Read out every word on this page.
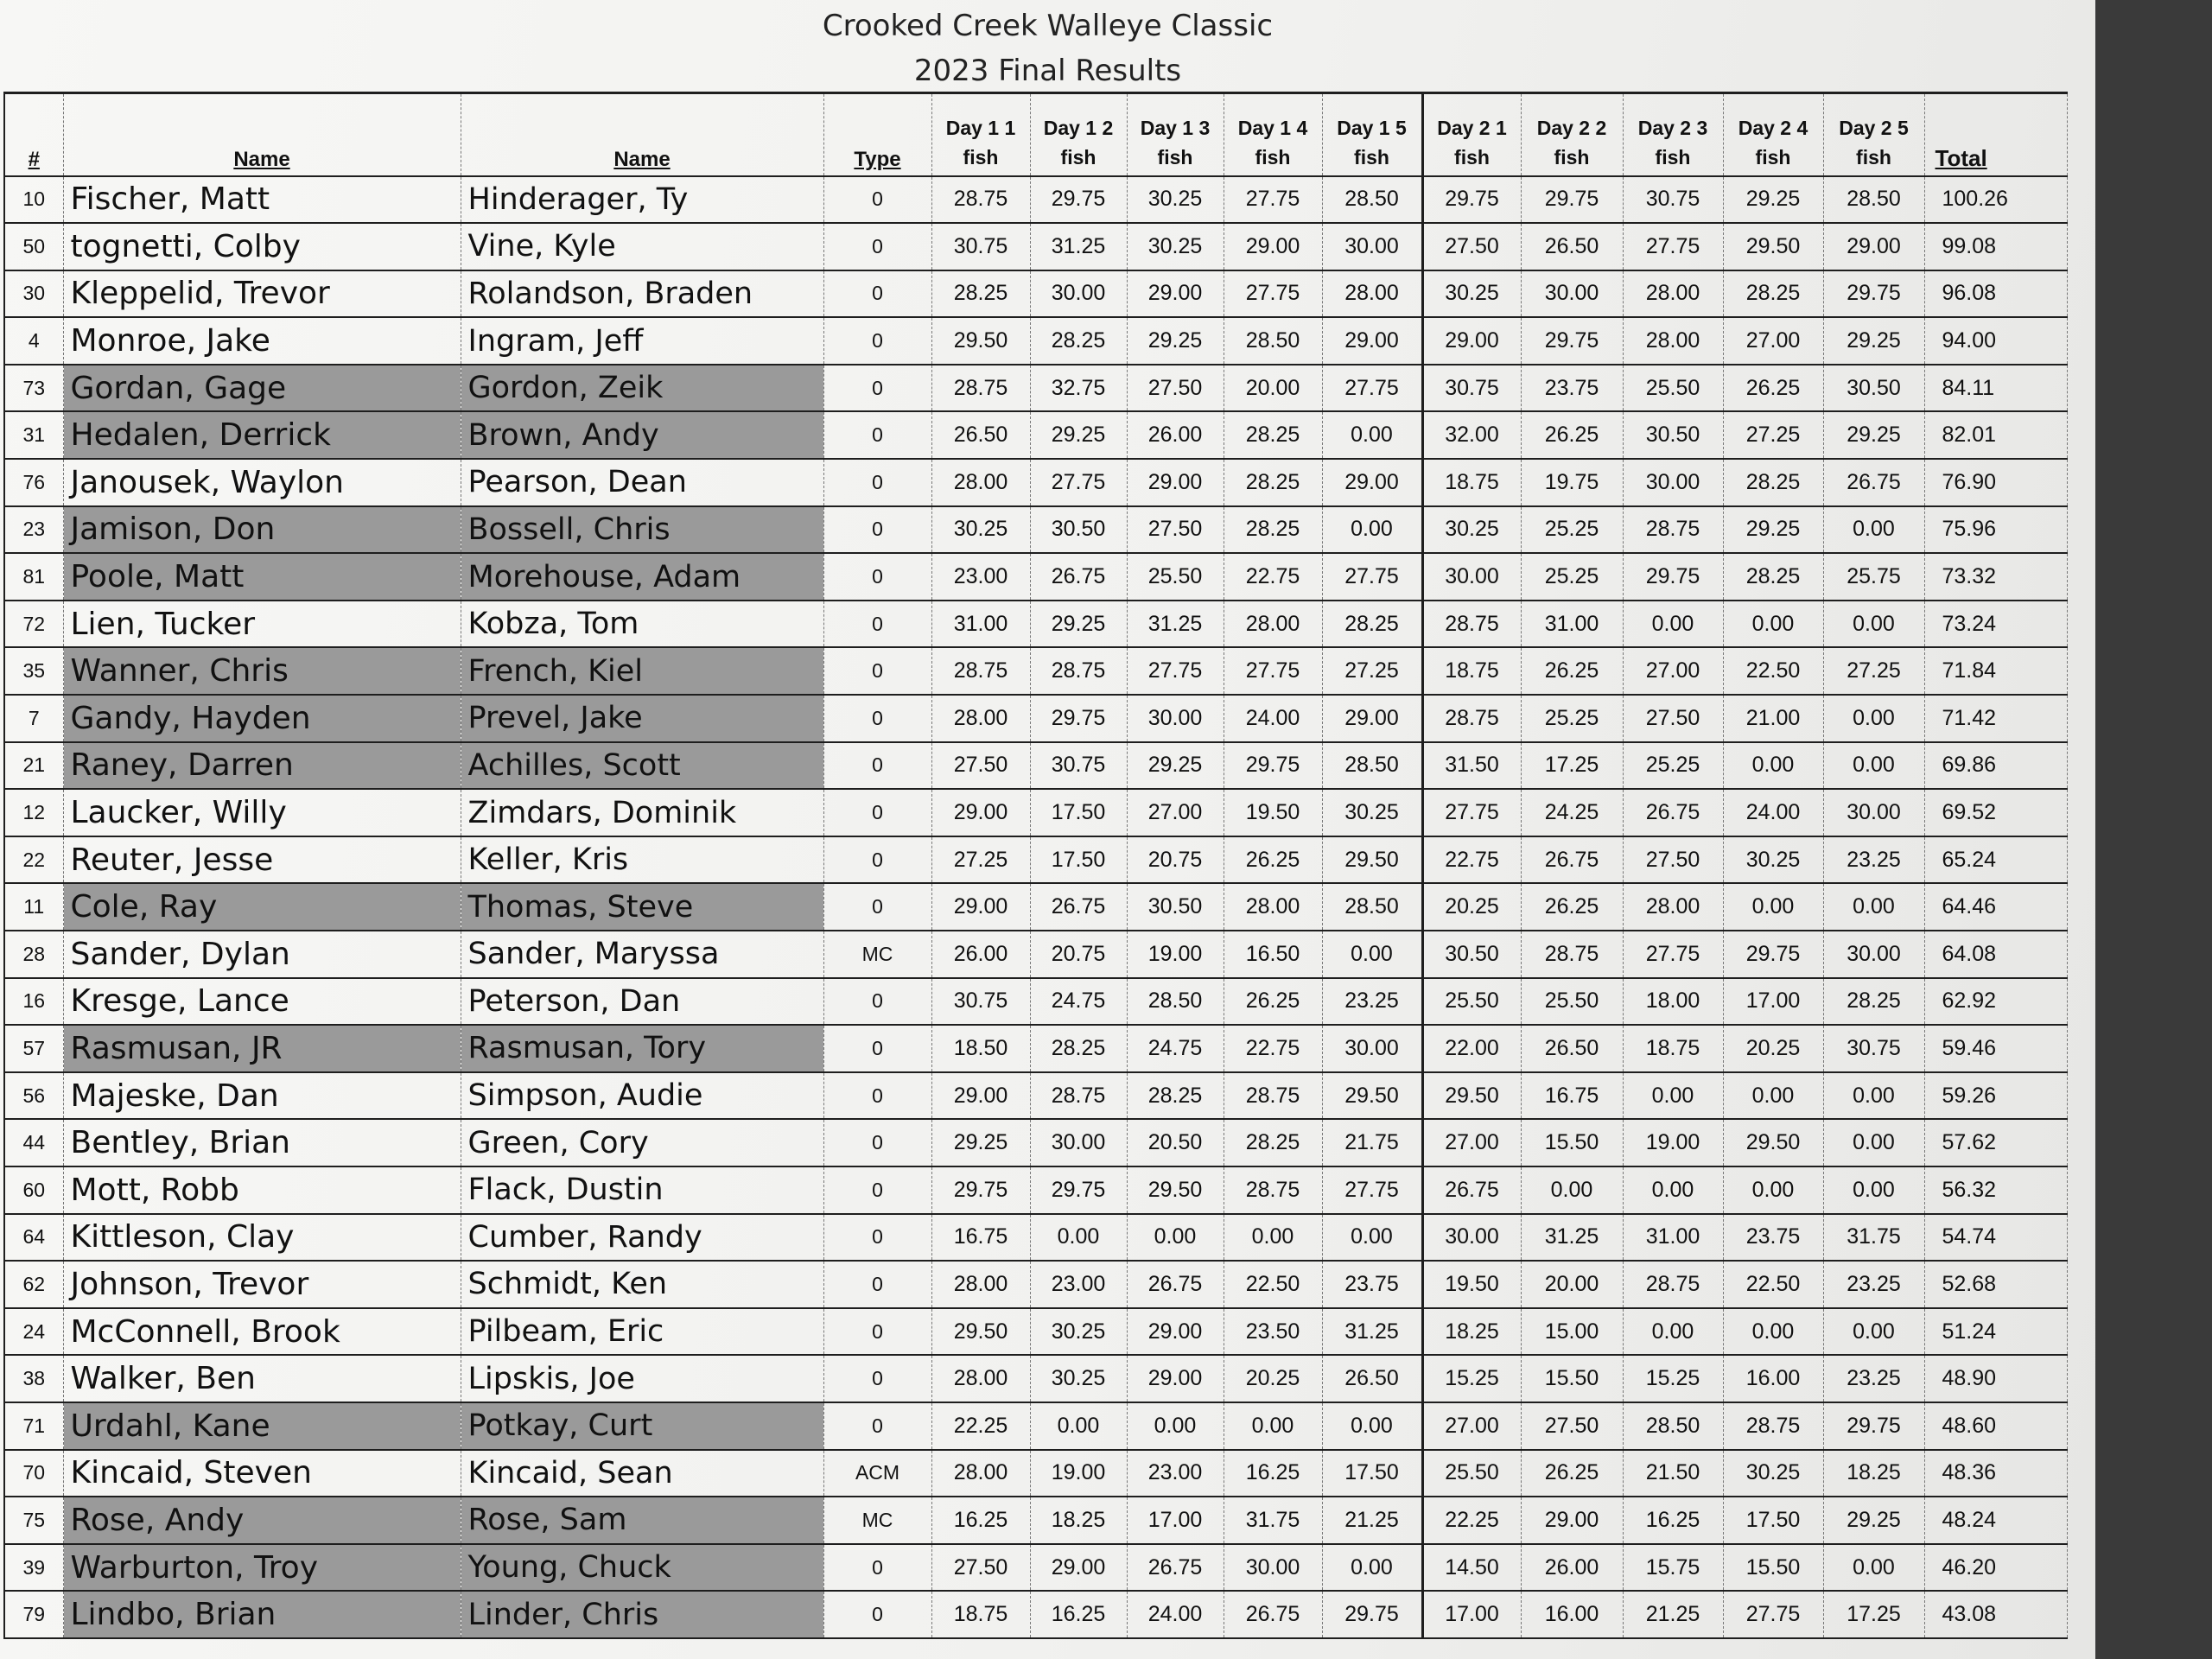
Crooked Creek Walleye Classic
2023 Final Results
#	Name	Name	Type	Day 1 1 fish	Day 1 2 fish	Day 1 3 fish	Day 1 4 fish	Day 1 5 fish	Day 2 1 fish	Day 2 2 fish	Day 2 3 fish	Day 2 4 fish	Day 2 5 fish	Total
10	Fischer, Matt	Hinderager, Ty	0	28.75	29.75	30.25	27.75	28.50	29.75	29.75	30.75	29.25	28.50	100.26
50	tognetti, Colby	Vine, Kyle	0	30.75	31.25	30.25	29.00	30.00	27.50	26.50	27.75	29.50	29.00	99.08
30	Kleppelid, Trevor	Rolandson, Braden	0	28.25	30.00	29.00	27.75	28.00	30.25	30.00	28.00	28.25	29.75	96.08
4	Monroe, Jake	Ingram, Jeff	0	29.50	28.25	29.25	28.50	29.00	29.00	29.75	28.00	27.00	29.25	94.00
73	Gordan, Gage	Gordon, Zeik	0	28.75	32.75	27.50	20.00	27.75	30.75	23.75	25.50	26.25	30.50	84.11
31	Hedalen, Derrick	Brown, Andy	0	26.50	29.25	26.00	28.25	0.00	32.00	26.25	30.50	27.25	29.25	82.01
76	Janousek, Waylon	Pearson, Dean	0	28.00	27.75	29.00	28.25	29.00	18.75	19.75	30.00	28.25	26.75	76.90
23	Jamison, Don	Bossell, Chris	0	30.25	30.50	27.50	28.25	0.00	30.25	25.25	28.75	29.25	0.00	75.96
81	Poole, Matt	Morehouse, Adam	0	23.00	26.75	25.50	22.75	27.75	30.00	25.25	29.75	28.25	25.75	73.32
72	Lien, Tucker	Kobza, Tom	0	31.00	29.25	31.25	28.00	28.25	28.75	31.00	0.00	0.00	0.00	73.24
35	Wanner, Chris	French, Kiel	0	28.75	28.75	27.75	27.75	27.25	18.75	26.25	27.00	22.50	27.25	71.84
7	Gandy, Hayden	Prevel, Jake	0	28.00	29.75	30.00	24.00	29.00	28.75	25.25	27.50	21.00	0.00	71.42
21	Raney, Darren	Achilles, Scott	0	27.50	30.75	29.25	29.75	28.50	31.50	17.25	25.25	0.00	0.00	69.86
12	Laucker, Willy	Zimdars, Dominik	0	29.00	17.50	27.00	19.50	30.25	27.75	24.25	26.75	24.00	30.00	69.52
22	Reuter, Jesse	Keller, Kris	0	27.25	17.50	20.75	26.25	29.50	22.75	26.75	27.50	30.25	23.25	65.24
11	Cole, Ray	Thomas, Steve	0	29.00	26.75	30.50	28.00	28.50	20.25	26.25	28.00	0.00	0.00	64.46
28	Sander, Dylan	Sander, Maryssa	MC	26.00	20.75	19.00	16.50	0.00	30.50	28.75	27.75	29.75	30.00	64.08
16	Kresge, Lance	Peterson, Dan	0	30.75	24.75	28.50	26.25	23.25	25.50	25.50	18.00	17.00	28.25	62.92
57	Rasmusan, JR	Rasmusan, Tory	0	18.50	28.25	24.75	22.75	30.00	22.00	26.50	18.75	20.25	30.75	59.46
56	Majeske, Dan	Simpson, Audie	0	29.00	28.75	28.25	28.75	29.50	29.50	16.75	0.00	0.00	0.00	59.26
44	Bentley, Brian	Green, Cory	0	29.25	30.00	20.50	28.25	21.75	27.00	15.50	19.00	29.50	0.00	57.62
60	Mott, Robb	Flack, Dustin	0	29.75	29.75	29.50	28.75	27.75	26.75	0.00	0.00	0.00	0.00	56.32
64	Kittleson, Clay	Cumber, Randy	0	16.75	0.00	0.00	0.00	0.00	30.00	31.25	31.00	23.75	31.75	54.74
62	Johnson, Trevor	Schmidt, Ken	0	28.00	23.00	26.75	22.50	23.75	19.50	20.00	28.75	22.50	23.25	52.68
24	McConnell, Brook	Pilbeam, Eric	0	29.50	30.25	29.00	23.50	31.25	18.25	15.00	0.00	0.00	0.00	51.24
38	Walker, Ben	Lipskis, Joe	0	28.00	30.25	29.00	20.25	26.50	15.25	15.50	15.25	16.00	23.25	48.90
71	Urdahl, Kane	Potkay, Curt	0	22.25	0.00	0.00	0.00	0.00	27.00	27.50	28.50	28.75	29.75	48.60
70	Kincaid, Steven	Kincaid, Sean	ACM	28.00	19.00	23.00	16.25	17.50	25.50	26.25	21.50	30.25	18.25	48.36
75	Rose, Andy	Rose, Sam	MC	16.25	18.25	17.00	31.75	21.25	22.25	29.00	16.25	17.50	29.25	48.24
39	Warburton, Troy	Young, Chuck	0	27.50	29.00	26.75	30.00	0.00	14.50	26.00	15.75	15.50	0.00	46.20
79	Lindbo, Brian	Linder, Chris	0	18.75	16.25	24.00	26.75	29.75	17.00	16.00	21.25	27.75	17.25	43.08
